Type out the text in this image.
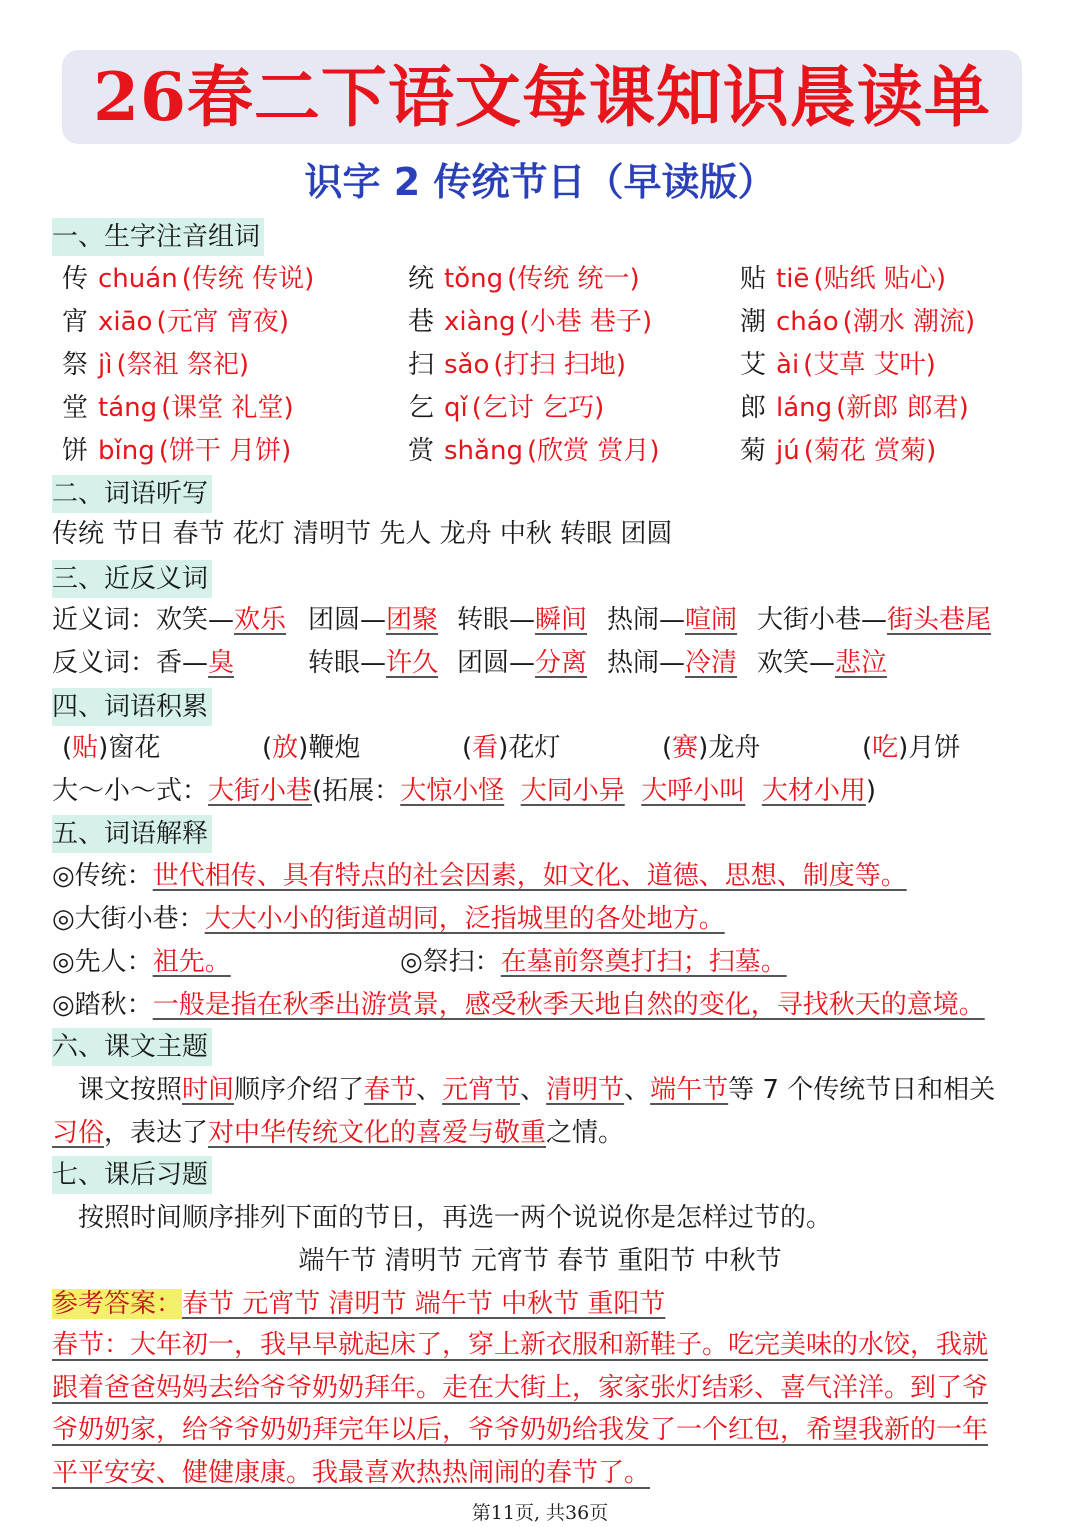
26春二下语文每课知识晨读单
识字 2 传统节日（早读版）
一、生字注音组词
传 chuán (传统 传说)	统 tǒng (传统 统一)	贴 tiē (贴纸 贴心)
宵 xiāo (元宵 宵夜)	巷 xiàng (小巷 巷子)	潮 cháo (潮水 潮流)
祭 jì (祭祖 祭祀)	扫 sǎo (打扫 扫地)	艾 ài (艾草 艾叶)
堂 táng (课堂 礼堂)	乞 qǐ (乞讨 乞巧)	郎 láng (新郎 郎君)
饼 bǐng (饼干 月饼)	赏 shǎng (欣赏 赏月)	菊 jú (菊花 赏菊)
二、词语听写
传统 节日 春节 花灯 清明节 先人 龙舟 中秋 转眼 团圆
三、近反义词
近义词：欢笑—欢乐 团圆—团聚 转眼—瞬间 热闹—喧闹 大街小巷—街头巷尾
反义词：香—臭	转眼—许久 团圆—分离 热闹—冷清 欢笑—悲泣
四、词语积累
(贴)窗花	(放)鞭炮	(看)花灯	(赛)龙舟	(吃)月饼
大～小～式：大街小巷(拓展：大惊小怪 大同小异 大呼小叫 大材小用)
五、词语解释
◎传统：世代相传、具有特点的社会因素，如文化、道德、思想、制度等。
◎大街小巷：大大小小的街道胡同，泛指城里的各处地方。
◎先人：祖先。	◎祭扫：在墓前祭奠打扫；扫墓。
◎踏秋：一般是指在秋季出游赏景，感受秋季天地自然的变化，寻找秋天的意境。
六、课文主题
课文按照时间顺序介绍了春节、元宵节、清明节、端午节等 7 个传统节日和相关
习俗，表达了对中华传统文化的喜爱与敬重之情。
七、课后习题
按照时间顺序排列下面的节日，再选一两个说说你是怎样过节的。
端午节 清明节 元宵节 春节 重阳节 中秋节
参考答案：春节 元宵节 清明节 端午节 中秋节 重阳节
春节：大年初一，我早早就起床了，穿上新衣服和新鞋子。吃完美味的水饺，我就
跟着爸爸妈妈去给爷爷奶奶拜年。走在大街上，家家张灯结彩、喜气洋洋。到了爷
爷奶奶家，给爷爷奶奶拜完年以后，爷爷奶奶给我发了一个红包，希望我新的一年
平平安安、健健康康。我最喜欢热热闹闹的春节了。
第11页, 共36页
